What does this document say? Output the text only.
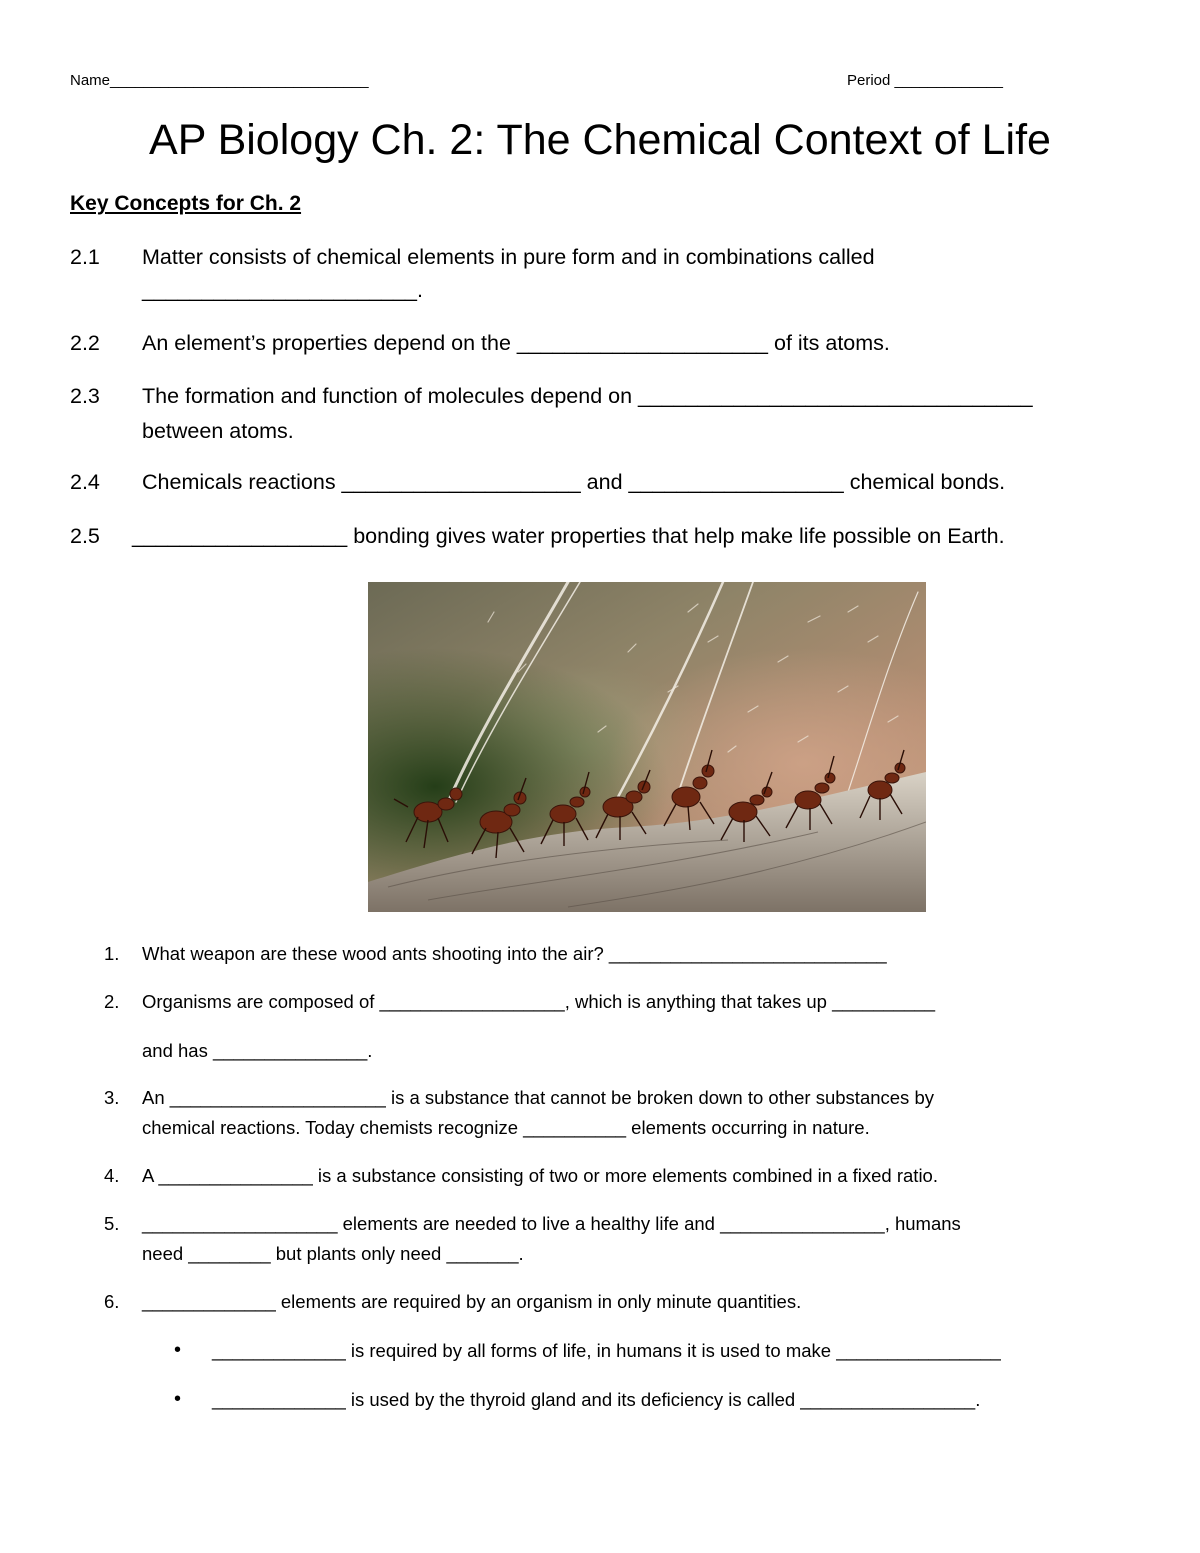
Name_______________________________	Period _____________
AP Biology Ch. 2: The Chemical Context of Life
Key Concepts for Ch. 2
2.1 Matter consists of chemical elements in pure form and in combinations called
_______________________.
2.2 An element’s properties depend on the _____________________ of its atoms.
2.3 The formation and function of molecules depend on _________________________________
between atoms.
2.4 Chemicals reactions ____________________ and __________________ chemical bonds.
2.5 __________________ bonding gives water properties that help make life possible on Earth.
1. What weapon are these wood ants shooting into the air? ___________________________
2. Organisms are composed of __________________, which is anything that takes up __________
and has _______________.
3. An _____________________ is a substance that cannot be broken down to other substances by
chemical reactions. Today chemists recognize __________ elements occurring in nature.
4. A _______________ is a substance consisting of two or more elements combined in a fixed ratio.
5. ___________________ elements are needed to live a healthy life and ________________, humans
need ________ but plants only need _______.
6. _____________ elements are required by an organism in only minute quantities.
• _____________ is required by all forms of life, in humans it is used to make ________________
• _____________ is used by the thyroid gland and its deficiency is called _________________.
